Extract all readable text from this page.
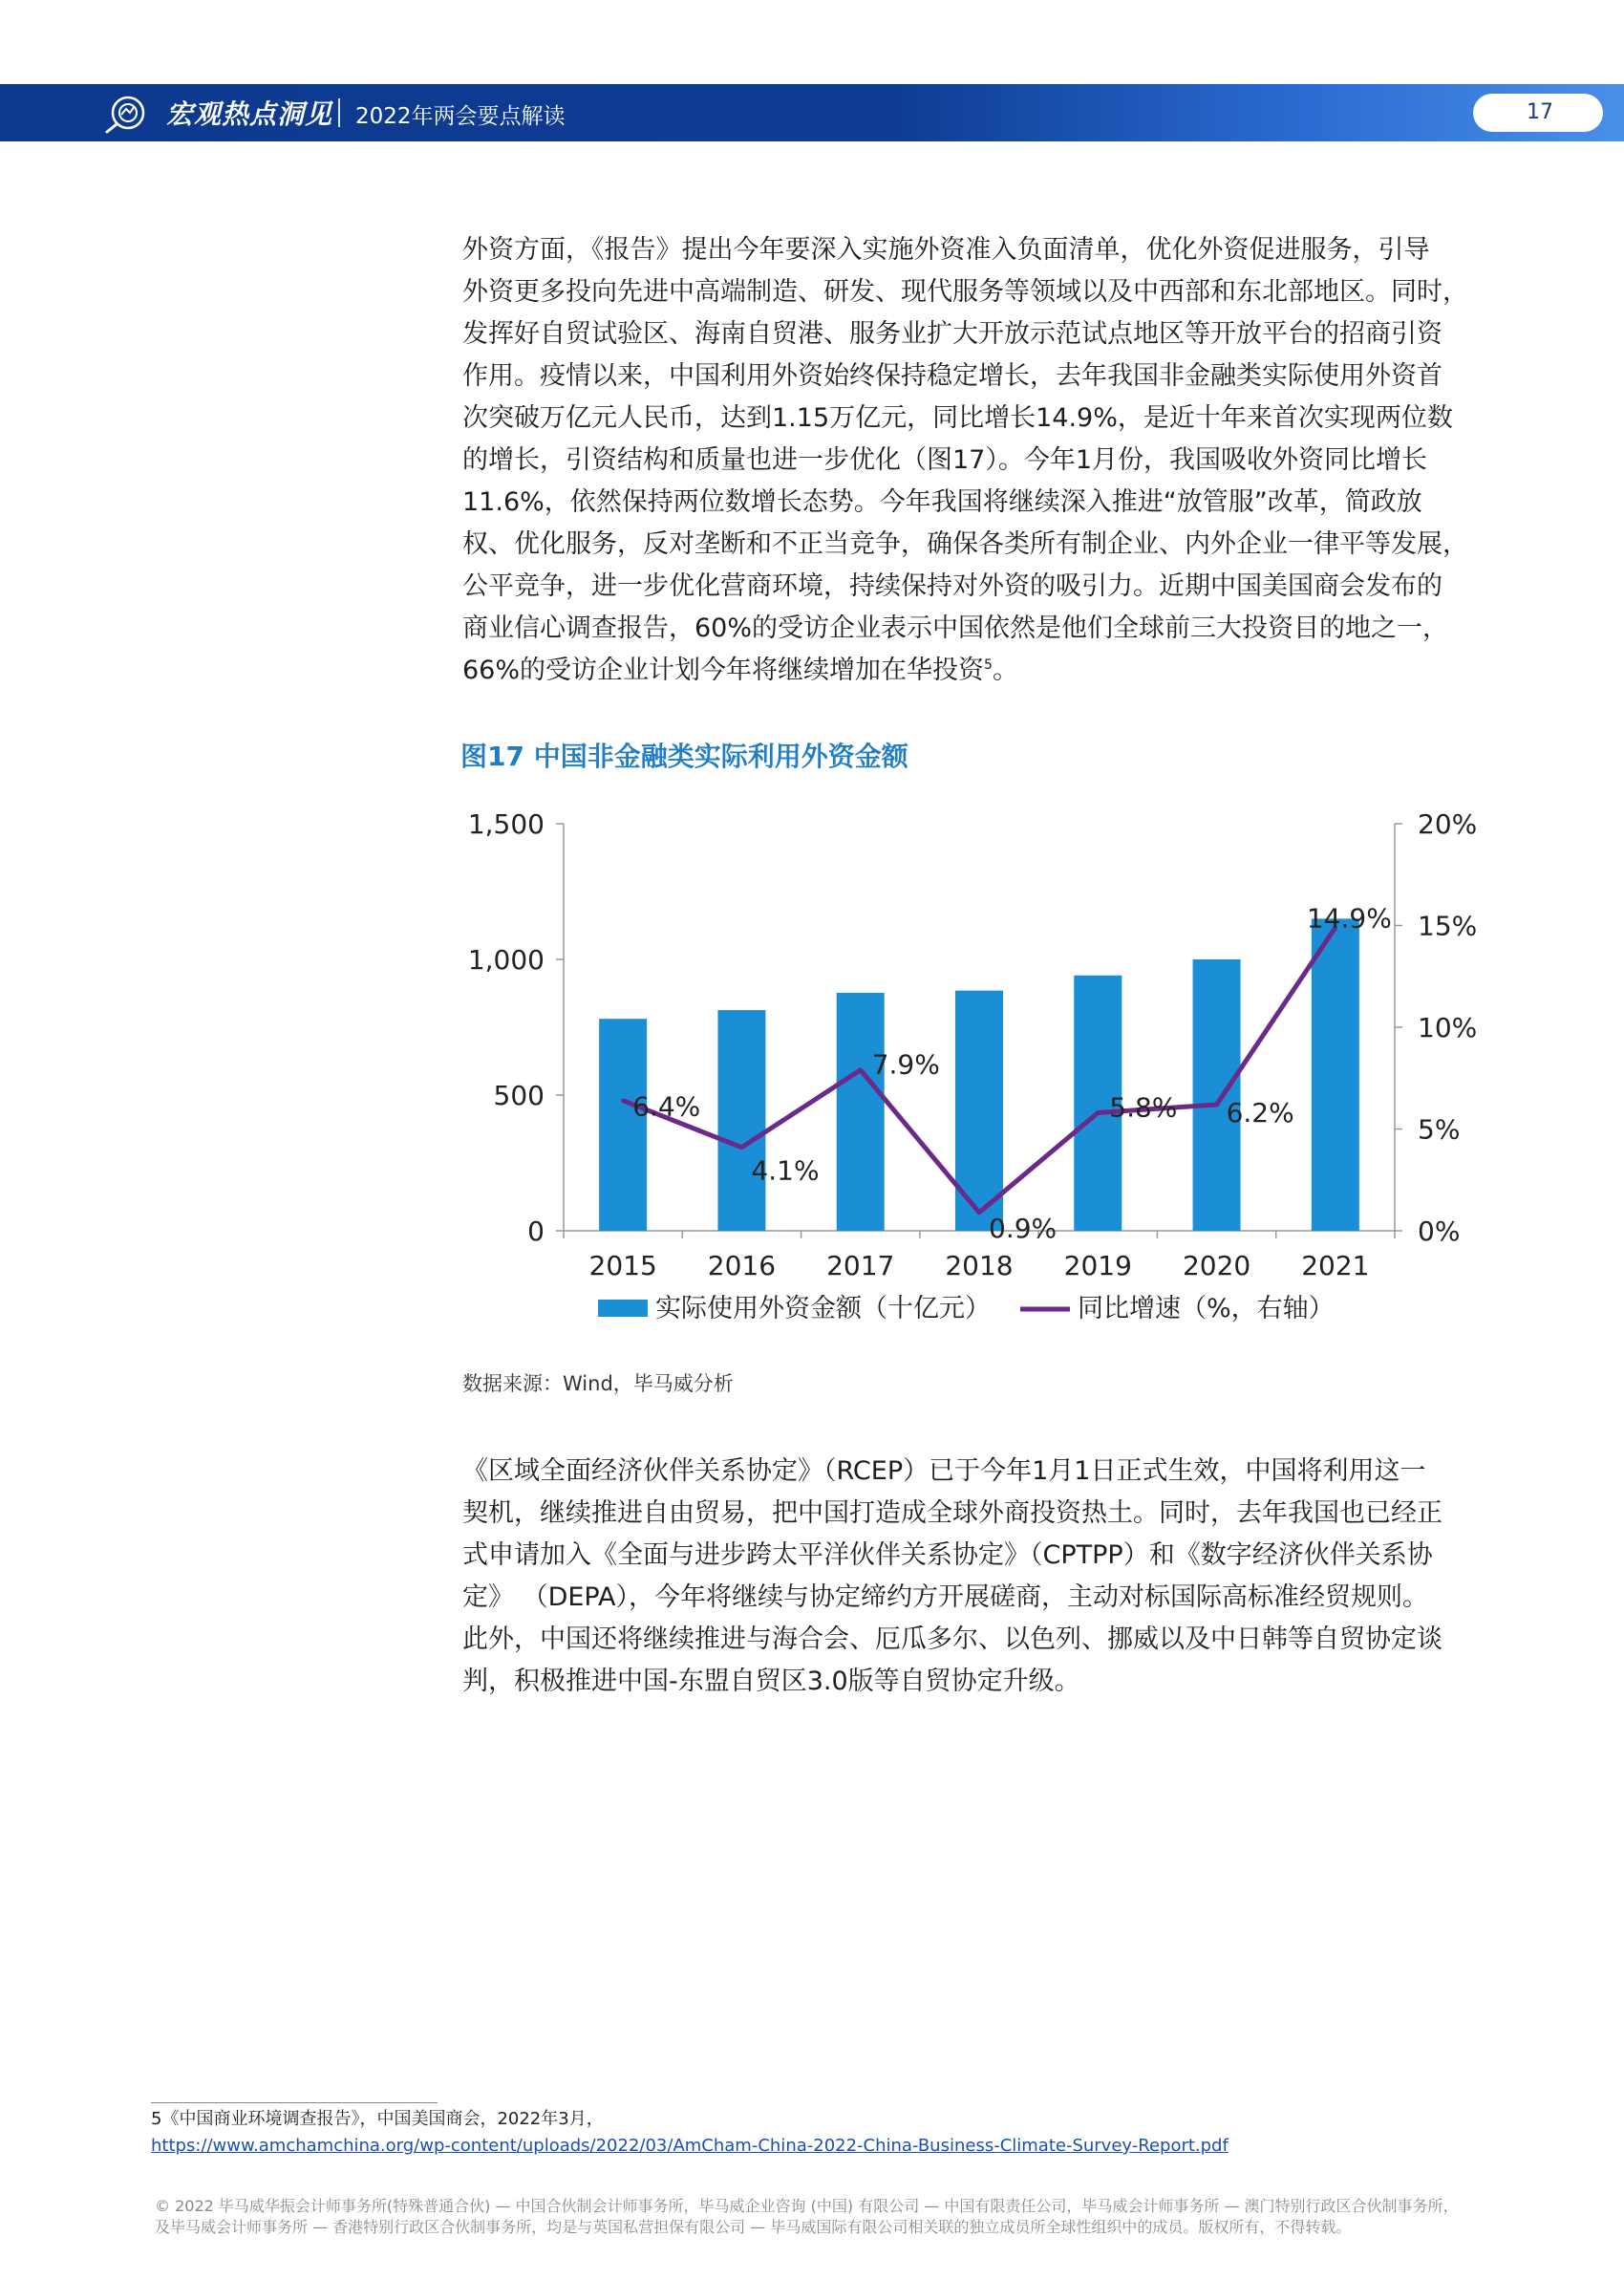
宏观热点洞见 2022年两会要点解读	17

外资方面，《报告》提出今年要深入实施外资准入负面清单，优化外资促进服务，引导

外资更多投向先进中高端制造、研发、现代服务等领域以及中西部和东北部地区。同时，

发挥好自贸试验区、海南自贸港、服务业扩大开放示范试点地区等开放平台的招商引资

作用。疫情以来，中国利用外资始终保持稳定增长，去年我国非金融类实际使用外资首

次突破万亿元人民币，达到1.15万亿元，同比增长14.9%，是近十年来首次实现两位数

的增长，引资结构和质量也进一步优化（图17）。今年1月份，我国吸收外资同比增长

11.6%，依然保持两位数增长态势。今年我国将继续深入推进“放管服”改革，简政放

权、优化服务，反对垄断和不正当竞争，确保各类所有制企业、内外企业一律平等发展，

公平竞争，进一步优化营商环境，持续保持对外资的吸引力。近期中国美国商会发布的

商业信心调查报告，60%的受访企业表示中国依然是他们全球前三大投资目的地之一，

66%的受访企业计划今年将继续增加在华投资$^5$。

图17 中国非金融类实际利用外资金额
0
500
1,000
1,500
0%
5%
10%
15%
20%
6.4%
4.1%
7.9%
0.9%
5.8% 6.2%
14.9%
2015 2016 2017 2018 2019 2020 2021
实际使用外资金额（十亿元）	同比增速（%，右轴）
数据来源：Wind，毕马威分析

《区域全面经济伙伴关系协定》（RCEP）已于今年1月1日正式生效，中国将利用这一

契机，继续推进自由贸易，把中国打造成全球外商投资热土。同时，去年我国也已经正

式申请加入《全面与进步跨太平洋伙伴关系协定》（CPTPP）和《数字经济伙伴关系协

定》 （DEPA），今年将继续与协定缔约方开展磋商，主动对标国际高标准经贸规则。

此外，中国还将继续推进与海合会、厄瓜多尔、以色列、挪威以及中日韩等自贸协定谈

判，积极推进中国-东盟自贸区3.0版等自贸协定升级。

5《中国商业环境调查报告》，中国美国商会，2022年3月，
https://www.amchamchina.org/wp-content/uploads/2022/03/AmCham-China-2022-China-Business-Climate-Survey-Report.pdf

© 2022 毕马威华振会计师事务所(特殊普通合伙) — 中国合伙制会计师事务所，毕马威企业咨询 (中国) 有限公司 — 中国有限责任公司，毕马威会计师事务所 — 澳门特别行政区合伙制事务所，

及毕马威会计师事务所 — 香港特别行政区合伙制事务所，均是与英国私营担保有限公司 — 毕马威国际有限公司相关联的独立成员所全球性组织中的成员。版权所有，不得转载。
